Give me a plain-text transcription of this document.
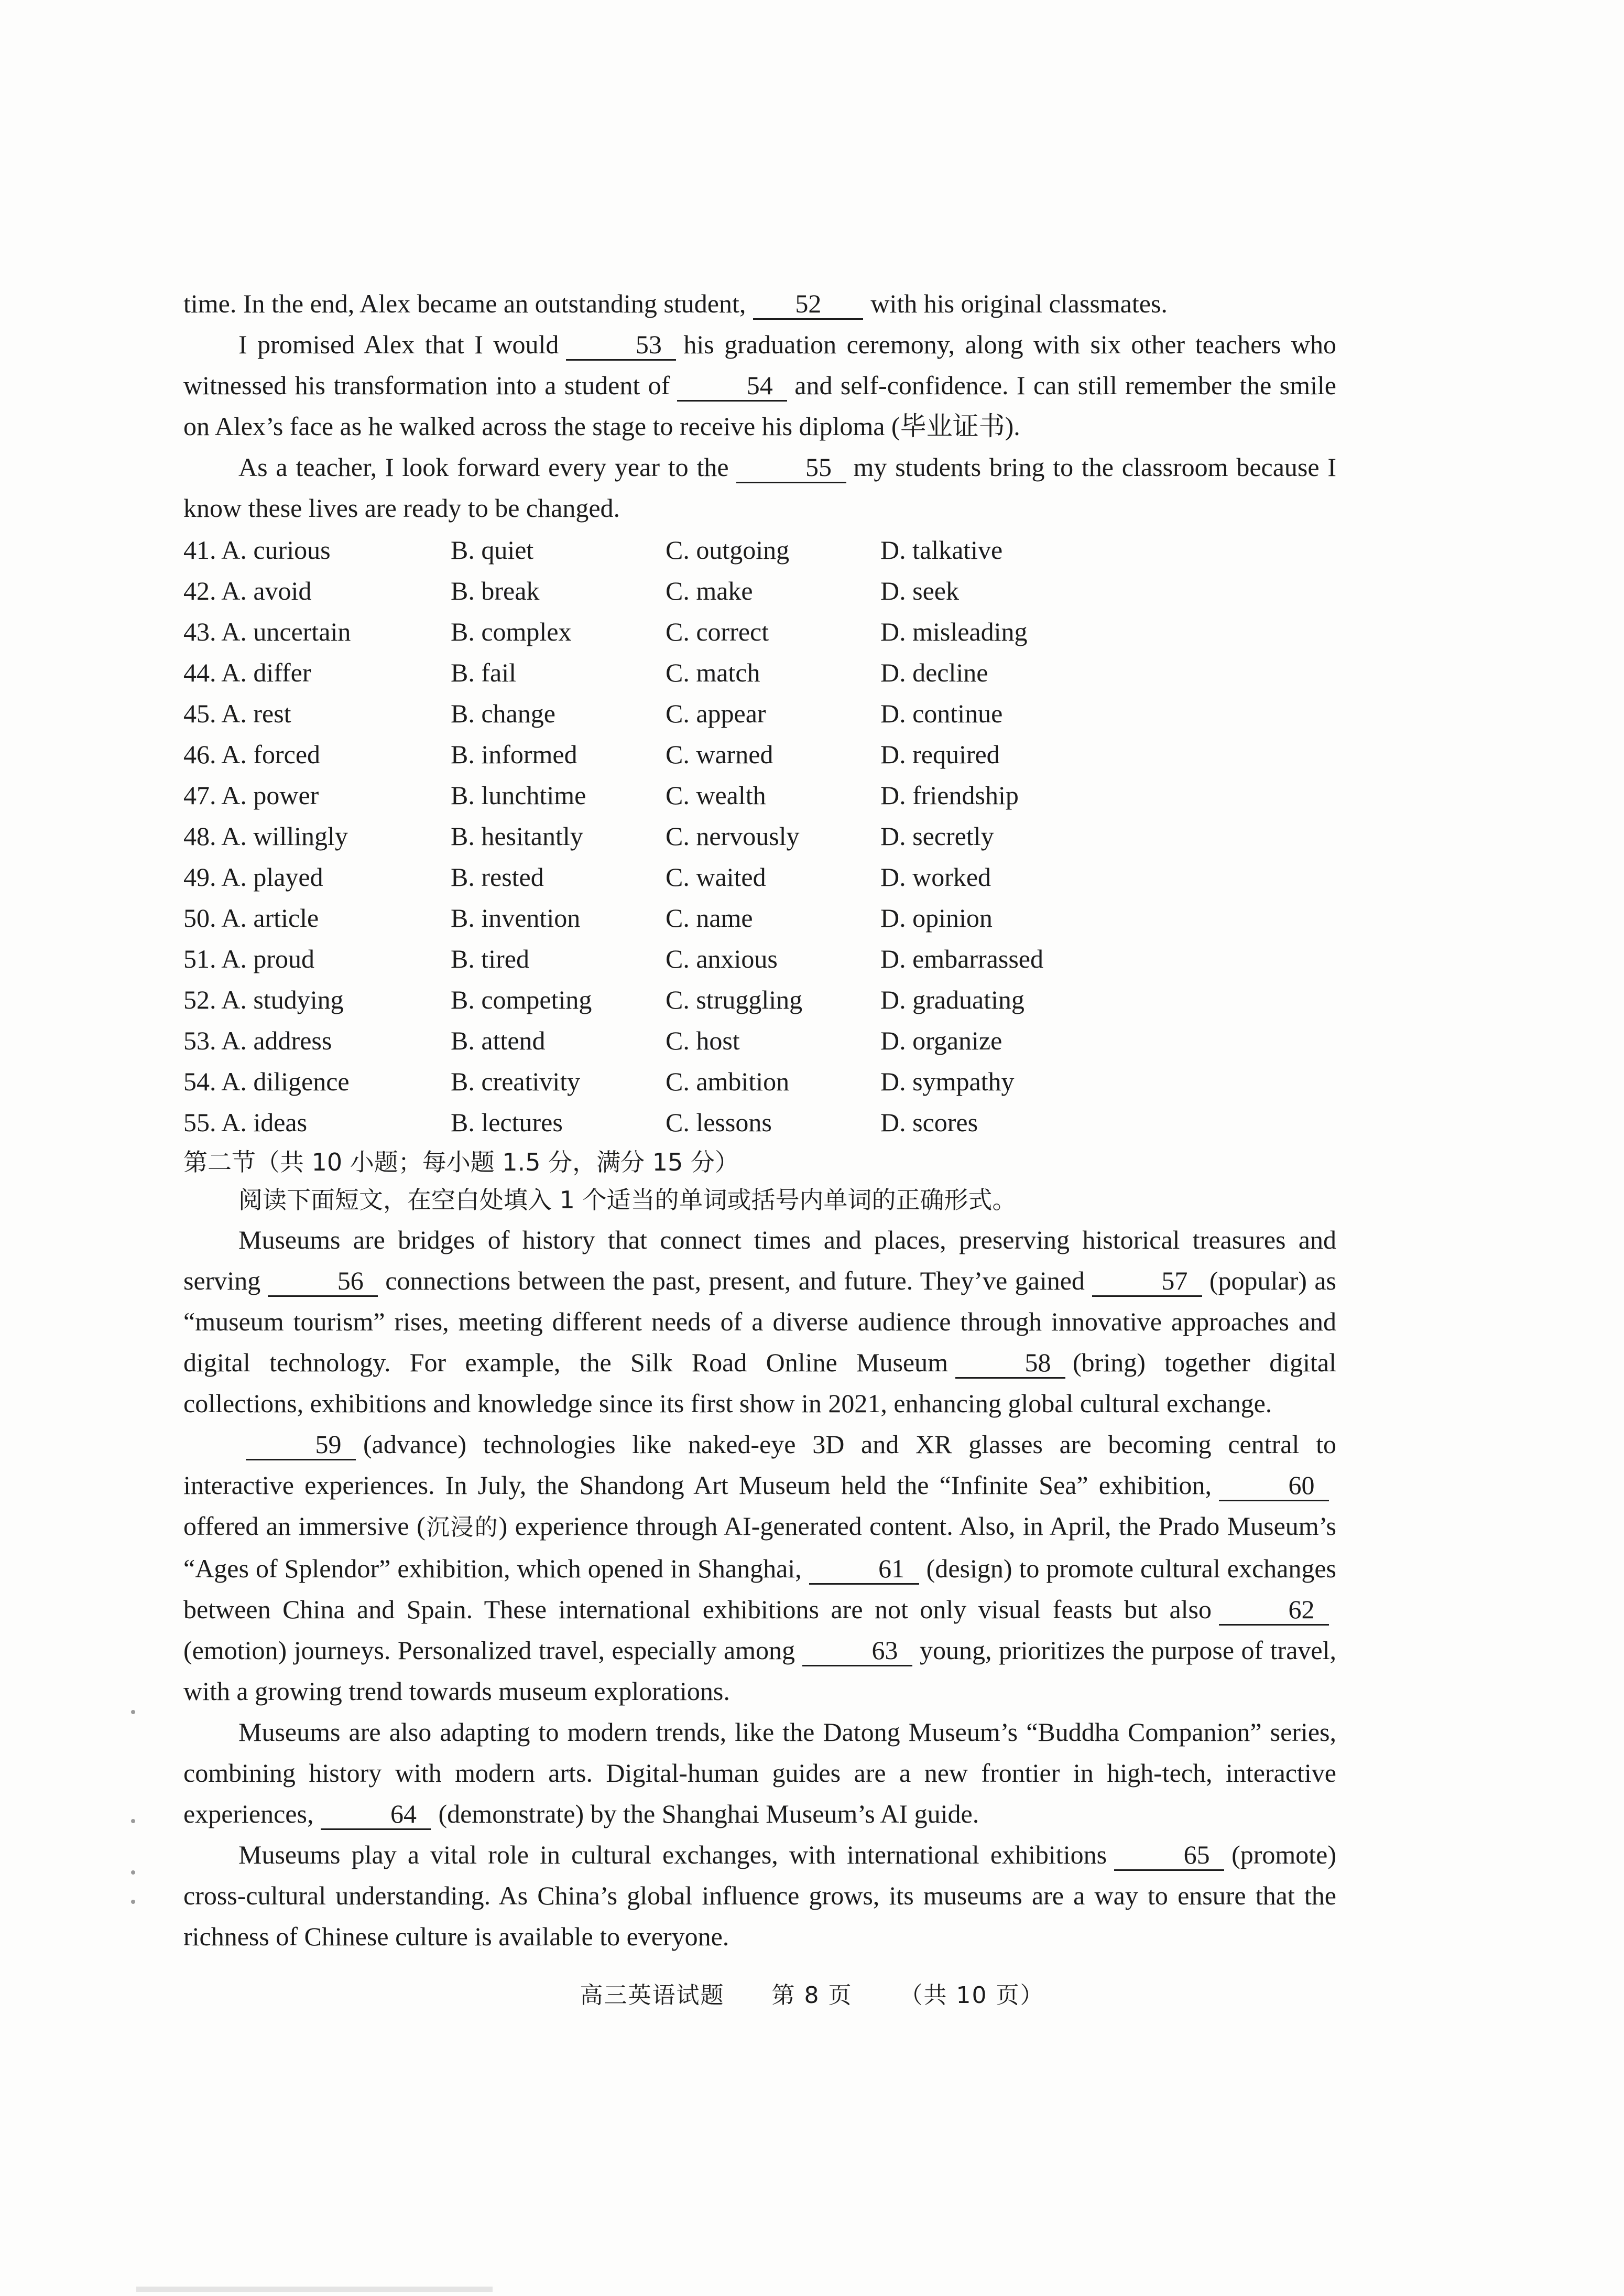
time. In the end, Alex became an outstanding student, 52 with his original classmates.

I promised Alex that I would	53 his graduation ceremony, along with six other teachers who witnessed his transformation into a student of	54 and self-confidence. I can still remember the smile on Alex’s face as he walked across the stage to receive his diploma (毕业证书).

As a teacher, I look forward every year to the	55 my students bring to the classroom because I know these lives are ready to be changed.

41. A. curious	B. quiet	C. outgoing	D. talkative
42. A. avoid	B. break	C. make	D. seek
43. A. uncertain	B. complex	C. correct	D. misleading
44. A. differ	B. fail	C. match	D. decline
45. A. rest	B. change	C. appear	D. continue
46. A. forced	B. informed	C. warned	D. required
47. A. power	B. lunchtime	C. wealth	D. friendship
48. A. willingly	B. hesitantly	C. nervously	D. secretly
49. A. played	B. rested	C. waited	D. worked
50. A. article	B. invention	C. name	D. opinion
51. A. proud	B. tired	C. anxious	D. embarrassed
52. A. studying	B. competing	C. struggling	D. graduating
53. A. address	B. attend	C. host	D. organize
54. A. diligence	B. creativity	C. ambition	D. sympathy
55. A. ideas	B. lectures	C. lessons	D. scores
第二节（共 10 小题；每小题 1.5 分，满分 15 分）
阅读下面短文，在空白处填入 1 个适当的单词或括号内单词的正确形式。

Museums are bridges of history that connect times and places, preserving historical treasures and serving	56 connections between the past, present, and future. They’ve gained	57 (popular) as “museum tourism” rises, meeting different needs of a diverse audience through innovative approaches and digital technology. For example, the Silk Road Online Museum	58 (bring) together digital collections, exhibitions and knowledge since its first show in 2021, enhancing global cultural exchange.

59 (advance) technologies like naked-eye 3D and XR glasses are becoming central to interactive experiences. In July, the Shandong Art Museum held the “Infinite Sea” exhibition,	60offered an immersive (沉浸的) experience through AI-generated content. Also, in April, the Prado Museum’s “Ages of Splendor” exhibition, which opened in Shanghai,	61 (design) to promote cultural exchanges between China and Spain. These international exhibitions are not only visual feasts but also	62(emotion) journeys. Personalized travel, especially among	63 young, prioritizes the purpose of travel, with a growing trend towards museum explorations.

Museums are also adapting to modern trends, like the Datong Museum’s “Buddha Companion” series, combining history with modern arts. Digital-human guides are a new frontier in high-tech, interactive experiences,	64 (demonstrate) by the Shanghai Museum’s AI guide.

Museums play a vital role in cultural exchanges, with international exhibitions	65 (promote) cross-cultural understanding. As China’s global influence grows, its museums are a way to ensure that the richness of Chinese culture is available to everyone.

高三英语试题 第 8 页 （共 10 页）
